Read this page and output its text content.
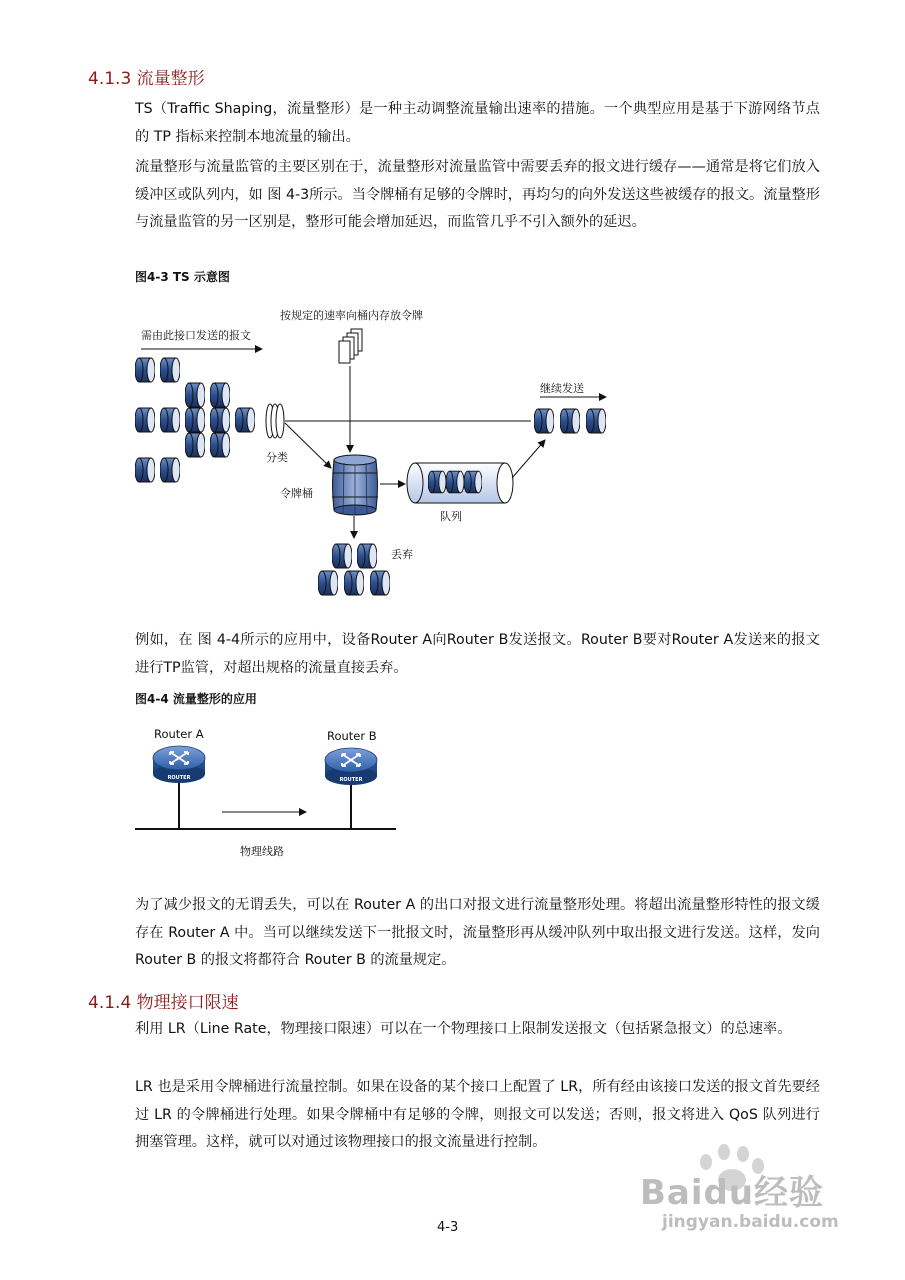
4.1.3 流量整形
TS（Traffic Shaping，流量整形）是一种主动调整流量输出速率的措施。一个典型应用是基于下游网络节点的 TP 指标来控制本地流量的输出。
流量整形与流量监管的主要区别在于，流量整形对流量监管中需要丢弃的报文进行缓存——通常是将它们放入缓冲区或队列内，如 图 4-3所示。当令牌桶有足够的令牌时，再均匀的向外发送这些被缓存的报文。流量整形与流量监管的另一区别是，整形可能会增加延迟，而监管几乎不引入额外的延迟。
图4-3 TS 示意图
需由此接口发送的报文
按规定的速率向桶内存放令牌
继续发送
分类
令牌桶
队列
丢弃
例如，在 图 4-4所示的应用中，设备Router A向Router B发送报文。Router B要对Router A发送来的报文进行TP监管，对超出规格的流量直接丢弃。
图4-4 流量整形的应用
Router A	Router B
物理线路
ROUTER	ROUTER
为了减少报文的无谓丢失，可以在 Router A 的出口对报文进行流量整形处理。将超出流量整形特性的报文缓存在 Router A 中。当可以继续发送下一批报文时，流量整形再从缓冲队列中取出报文进行发送。这样，发向 Router B 的报文将都符合 Router B 的流量规定。
4.1.4 物理接口限速
利用 LR（Line Rate，物理接口限速）可以在一个物理接口上限制发送报文（包括紧急报文）的总速率。
LR 也是采用令牌桶进行流量控制。如果在设备的某个接口上配置了 LR，所有经由该接口发送的报文首先要经过 LR 的令牌桶进行处理。如果令牌桶中有足够的令牌，则报文可以发送；否则，报文将进入 QoS 队列进行拥塞管理。这样，就可以对通过该物理接口的报文流量进行控制。
4-3
Baidu经验
jingyan.baidu.com
